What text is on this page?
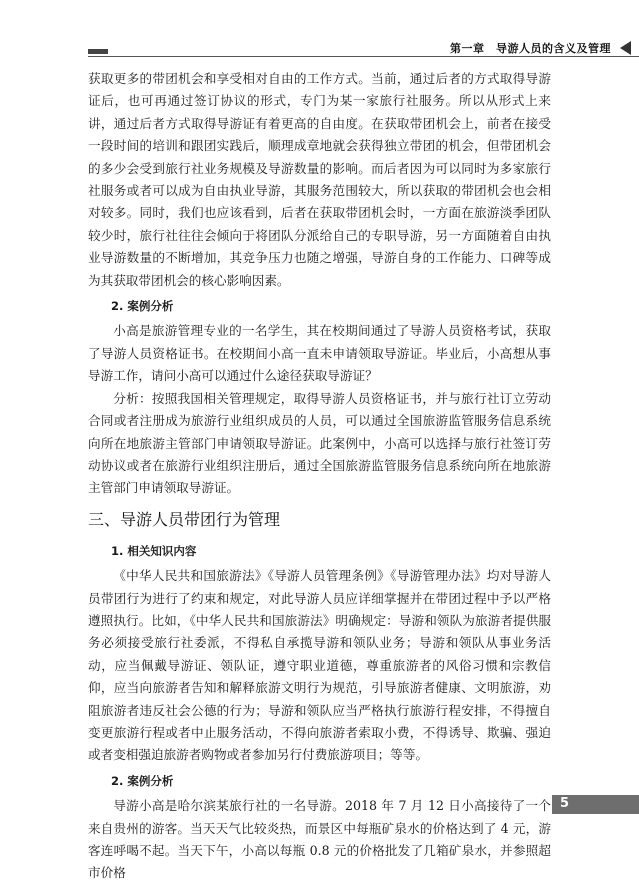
第一章　导游人员的含义及管理

获取更多的带团机会和享受相对自由的工作方式。当前，通过后者的方式取得导游证后，也可再通过签订协议的形式，专门为某一家旅行社服务。所以从形式上来讲，通过后者方式取得导游证有着更高的自由度。在获取带团机会上，前者在接受一段时间的培训和跟团实践后，顺理成章地就会获得独立带团的机会，但带团机会的多少会受到旅行社业务规模及导游数量的影响。而后者因为可以同时为多家旅行社服务或者可以成为自由执业导游，其服务范围较大，所以获取的带团机会也会相对较多。同时，我们也应该看到，后者在获取带团机会时，一方面在旅游淡季团队较少时，旅行社往往会倾向于将团队分派给自己的专职导游，另一方面随着自由执业导游数量的不断增加，其竞争压力也随之增强，导游自身的工作能力、口碑等成为其获取带团机会的核心影响因素。

2. 案例分析

小高是旅游管理专业的一名学生，其在校期间通过了导游人员资格考试，获取了导游人员资格证书。在校期间小高一直未申请领取导游证。毕业后，小高想从事导游工作，请问小高可以通过什么途径获取导游证？

分析：按照我国相关管理规定，取得导游人员资格证书，并与旅行社订立劳动合同或者注册成为旅游行业组织成员的人员，可以通过全国旅游监管服务信息系统向所在地旅游主管部门申请领取导游证。此案例中，小高可以选择与旅行社签订劳动协议或者在旅游行业组织注册后，通过全国旅游监管服务信息系统向所在地旅游主管部门申请领取导游证。

三、导游人员带团行为管理

1. 相关知识内容

《中华人民共和国旅游法》《导游人员管理条例》《导游管理办法》均对导游人员带团行为进行了约束和规定，对此导游人员应详细掌握并在带团过程中予以严格遵照执行。比如，《中华人民共和国旅游法》明确规定：导游和领队为旅游者提供服务必须接受旅行社委派，不得私自承揽导游和领队业务；导游和领队从事业务活动，应当佩戴导游证、领队证，遵守职业道德，尊重旅游者的风俗习惯和宗教信仰，应当向旅游者告知和解释旅游文明行为规范，引导旅游者健康、文明旅游，劝阻旅游者违反社会公德的行为；导游和领队应当严格执行旅游行程安排，不得擅自变更旅游行程或者中止服务活动，不得向旅游者索取小费，不得诱导、欺骗、强迫或者变相强迫旅游者购物或者参加另行付费旅游项目；等等。

2. 案例分析

导游小高是哈尔滨某旅行社的一名导游。2018 年 7 月 12 日小高接待了一个来自贵州的游客。当天天气比较炎热，而景区中每瓶矿泉水的价格达到了 4 元，游客连呼喝不起。当天下午，小高以每瓶 0.8 元的价格批发了几箱矿泉水，并参照超市价格

5
